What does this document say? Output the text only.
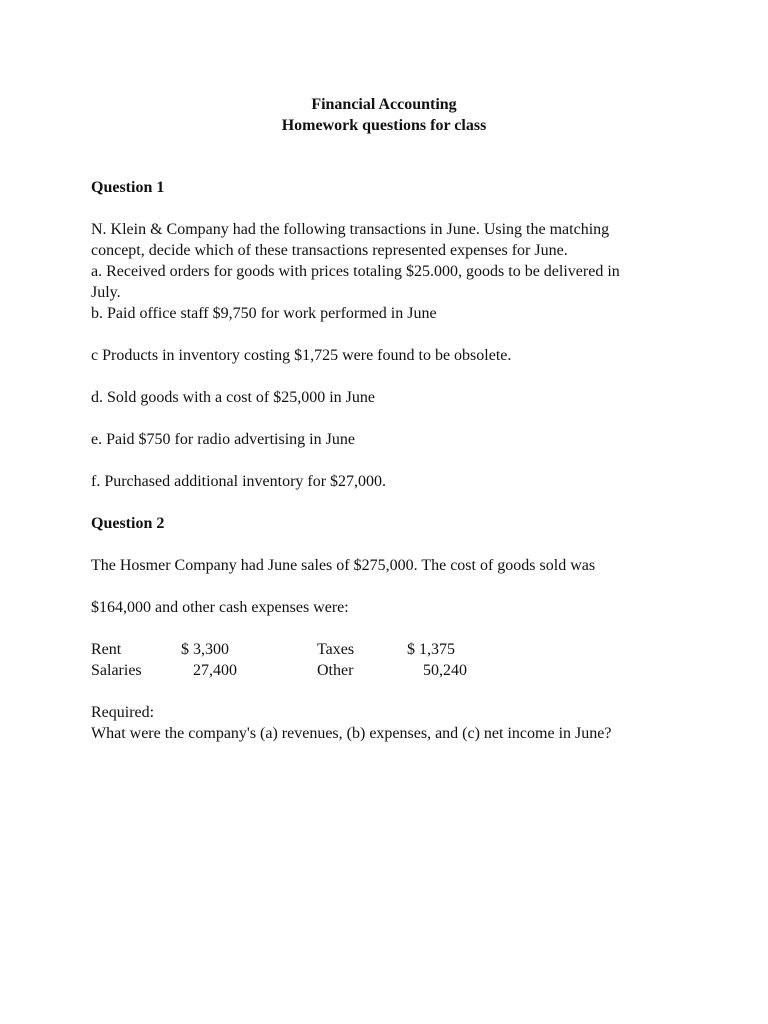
Financial Accounting
Homework questions for class
Question 1
N. Klein & Company had the following transactions in June. Using the matching
concept, decide which of these transactions represented expenses for June.
a. Received orders for goods with prices totaling $25.000, goods to be delivered in
July.
b. Paid office staff $9,750 for work performed in June
c Products in inventory costing $1,725 were found to be obsolete.
d. Sold goods with a cost of $25,000 in June
e. Paid $750 for radio advertising in June
f. Purchased additional inventory for $27,000.
Question 2
The Hosmer Company had June sales of $275,000. The cost of goods sold was
$164,000 and other cash expenses were:
Rent	$ 3,300	Taxes	$ 1,375
Salaries 27,400	Other	50,240
Required:
What were the company's (a) revenues, (b) expenses, and (c) net income in June?
